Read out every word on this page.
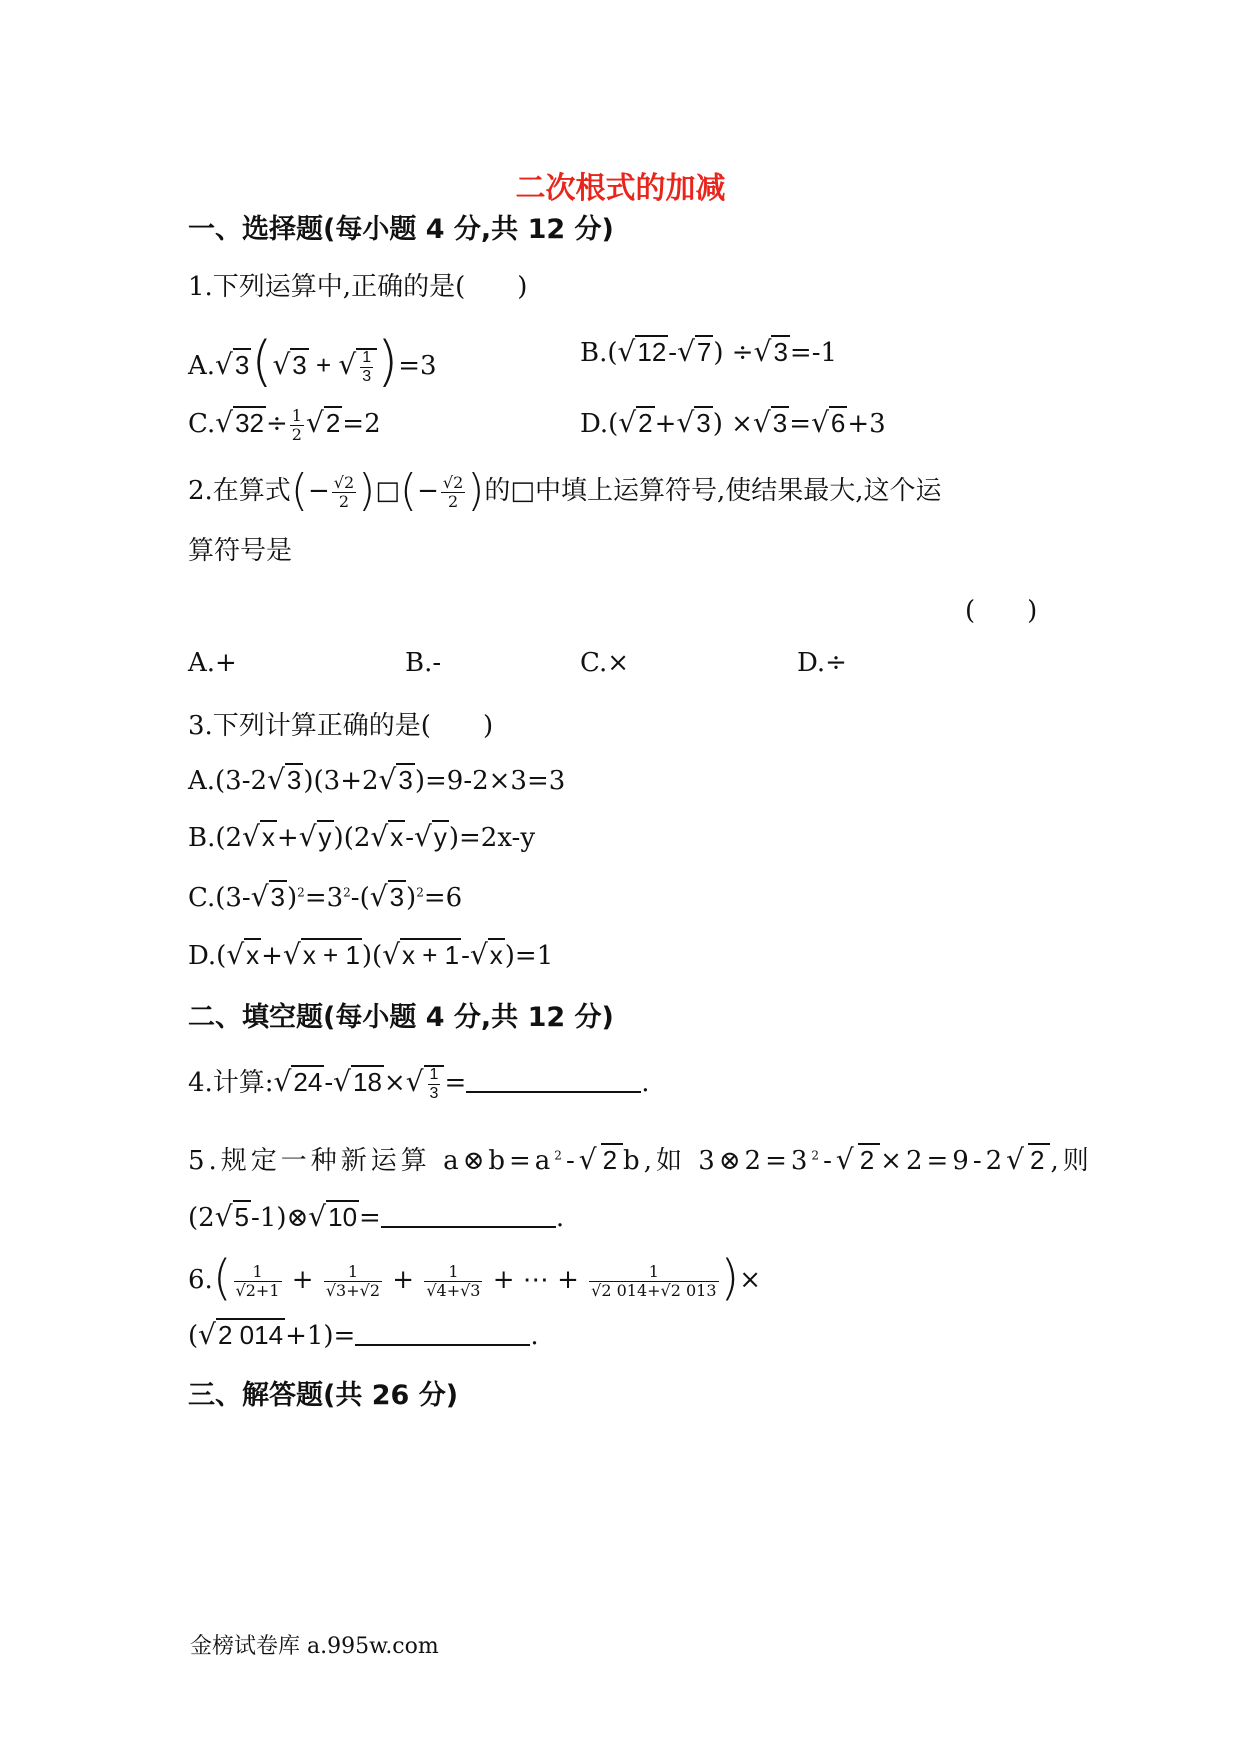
二次根式的加减
一、选择题(每小题 4 分,共 12 分)
1.下列运算中,正确的是(　　)
A.√3(√3 + √ $\frac{1}{3} )=3$	B.(√12-√7) ÷√3=-1
$C.√32\div \frac{1}{2} √2=2$	D.(√2+√3) ×√3=√6+3
2.在算式(− $\frac{√2}{2}$ )□(− $\frac{√2}{2}$ )的□中填上运算符号,使结果最大,这个运
算符号是
(　　)
A.+	B.-	C.×	D.÷
3.下列计算正确的是(　　)
A.(3-2√3)(3+2√3)=9-2×3=3
B.(2√x+√y)(2√x-√y)=2x-y
$C.(3-√3)^2=3^2-(√3)^2=6$
D.(√x+√x + 1)(√x + 1-√x)=1
二、填空题(每小题 4 分,共 12 分)
4.计算:√24-√18×√ $\frac{1}{3}$ =	.
5.规定一种新运算 $a\otimes b=a^2-√2b$,如 $3\otimes 2=3^2-√2\times 2=9-2√2$,则
(2√5-1)⊗√10=	.
$6.( \frac{1}{√2+1} + \frac{1}{√3+√2} + \frac{1}{√4+√3}$ + ⋯ + $\frac{1}{√2 014+√2 013}$ )×
(√2 014+1)=	.
三、解答题(共 26 分)
金榜试卷库 a.995w.com
